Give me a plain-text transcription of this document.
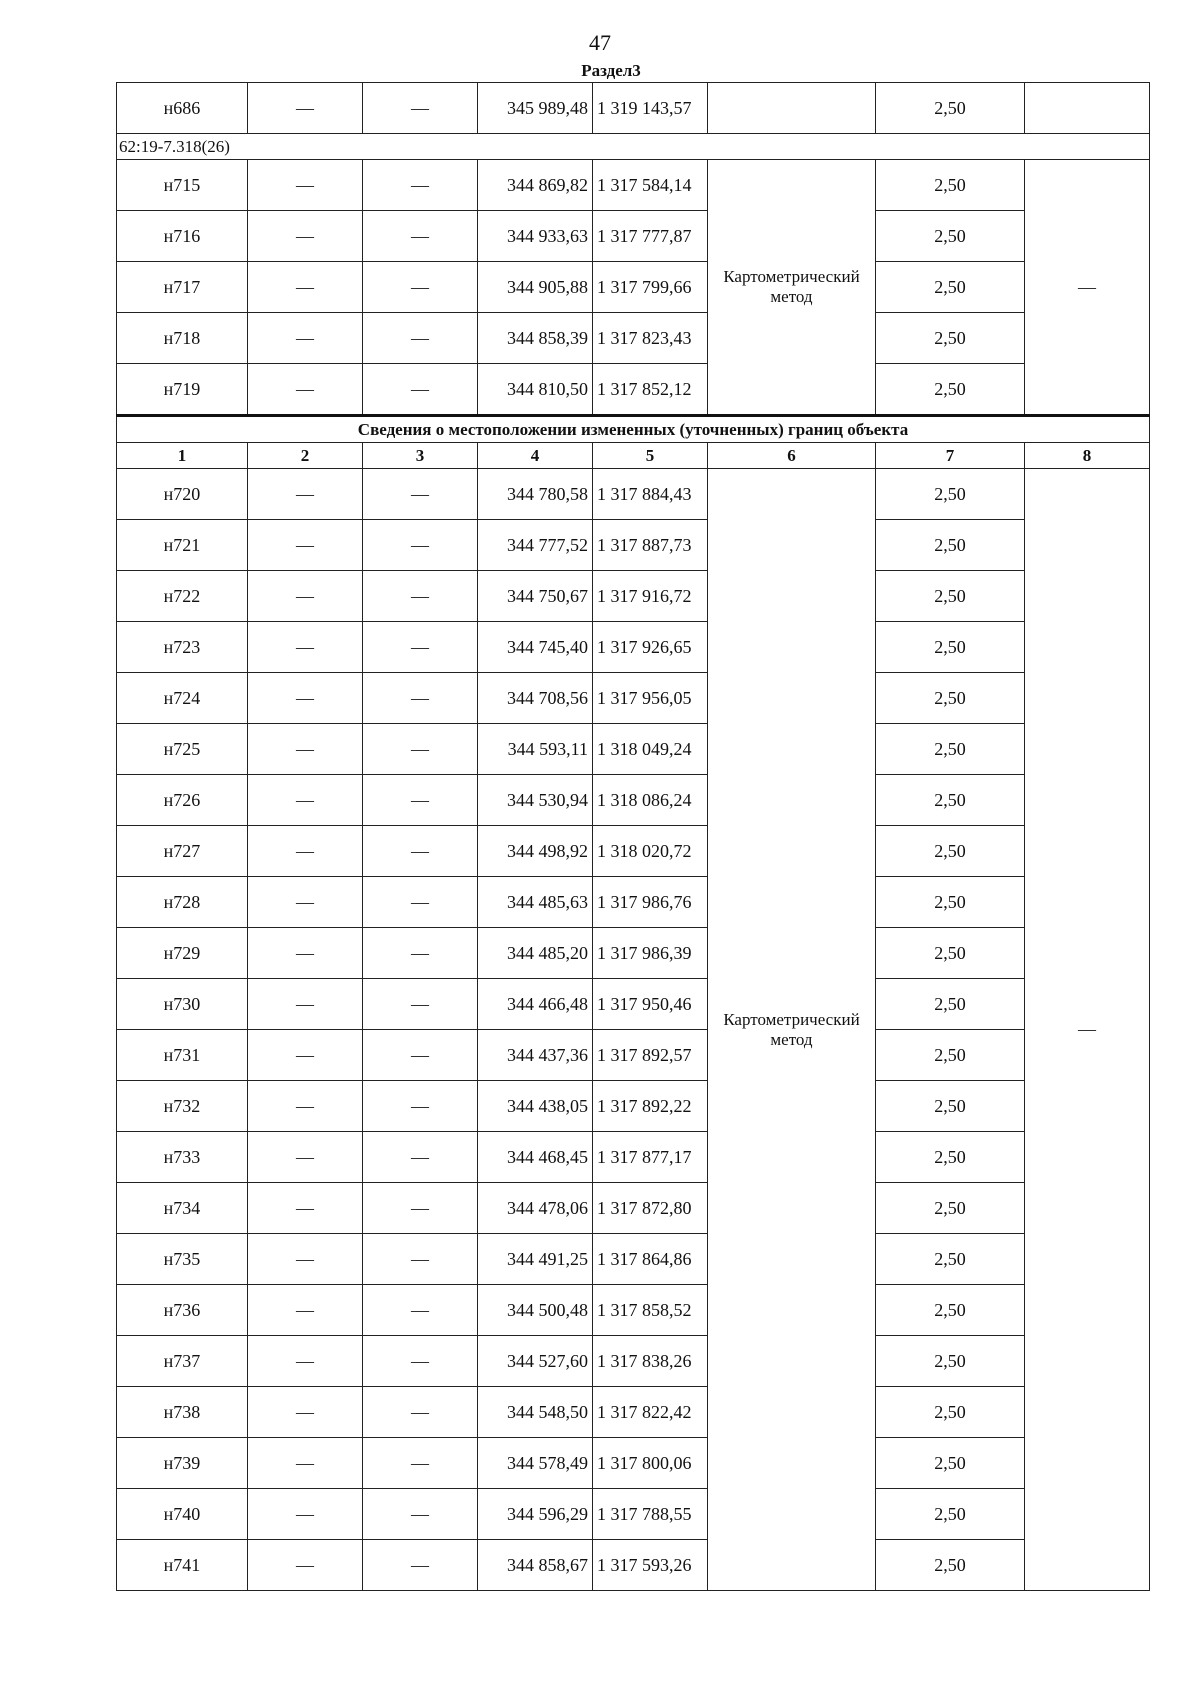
47
Раздел3
н686	—	—	345 989,48	1 319 143,57		2,50	
62:19-7.318(26)							
н715	—	—	344 869,82	1 317 584,14	Картометрический метод	2,50	—
н716	—	—	344 933,63	1 317 777,87		2,50	
н717	—	—	344 905,88	1 317 799,66		2,50	
н718	—	—	344 858,39	1 317 823,43		2,50	
н719	—	—	344 810,50	1 317 852,12		2,50	
Сведения о местоположении измененных (уточненных) границ объекта							
1	2	3	4	5	6	7	8
н720	—	—	344 780,58	1 317 884,43	Картометрический метод	2,50	—
н721	—	—	344 777,52	1 317 887,73		2,50	
н722	—	—	344 750,67	1 317 916,72		2,50	
н723	—	—	344 745,40	1 317 926,65		2,50	
н724	—	—	344 708,56	1 317 956,05		2,50	
н725	—	—	344 593,11	1 318 049,24		2,50	
н726	—	—	344 530,94	1 318 086,24		2,50	
н727	—	—	344 498,92	1 318 020,72		2,50	
н728	—	—	344 485,63	1 317 986,76		2,50	
н729	—	—	344 485,20	1 317 986,39		2,50	
н730	—	—	344 466,48	1 317 950,46		2,50	
н731	—	—	344 437,36	1 317 892,57		2,50	
н732	—	—	344 438,05	1 317 892,22		2,50	
н733	—	—	344 468,45	1 317 877,17		2,50	
н734	—	—	344 478,06	1 317 872,80		2,50	
н735	—	—	344 491,25	1 317 864,86		2,50	
н736	—	—	344 500,48	1 317 858,52		2,50	
н737	—	—	344 527,60	1 317 838,26		2,50	
н738	—	—	344 548,50	1 317 822,42		2,50	
н739	—	—	344 578,49	1 317 800,06		2,50	
н740	—	—	344 596,29	1 317 788,55		2,50	
н741	—	—	344 858,67	1 317 593,26		2,50	
